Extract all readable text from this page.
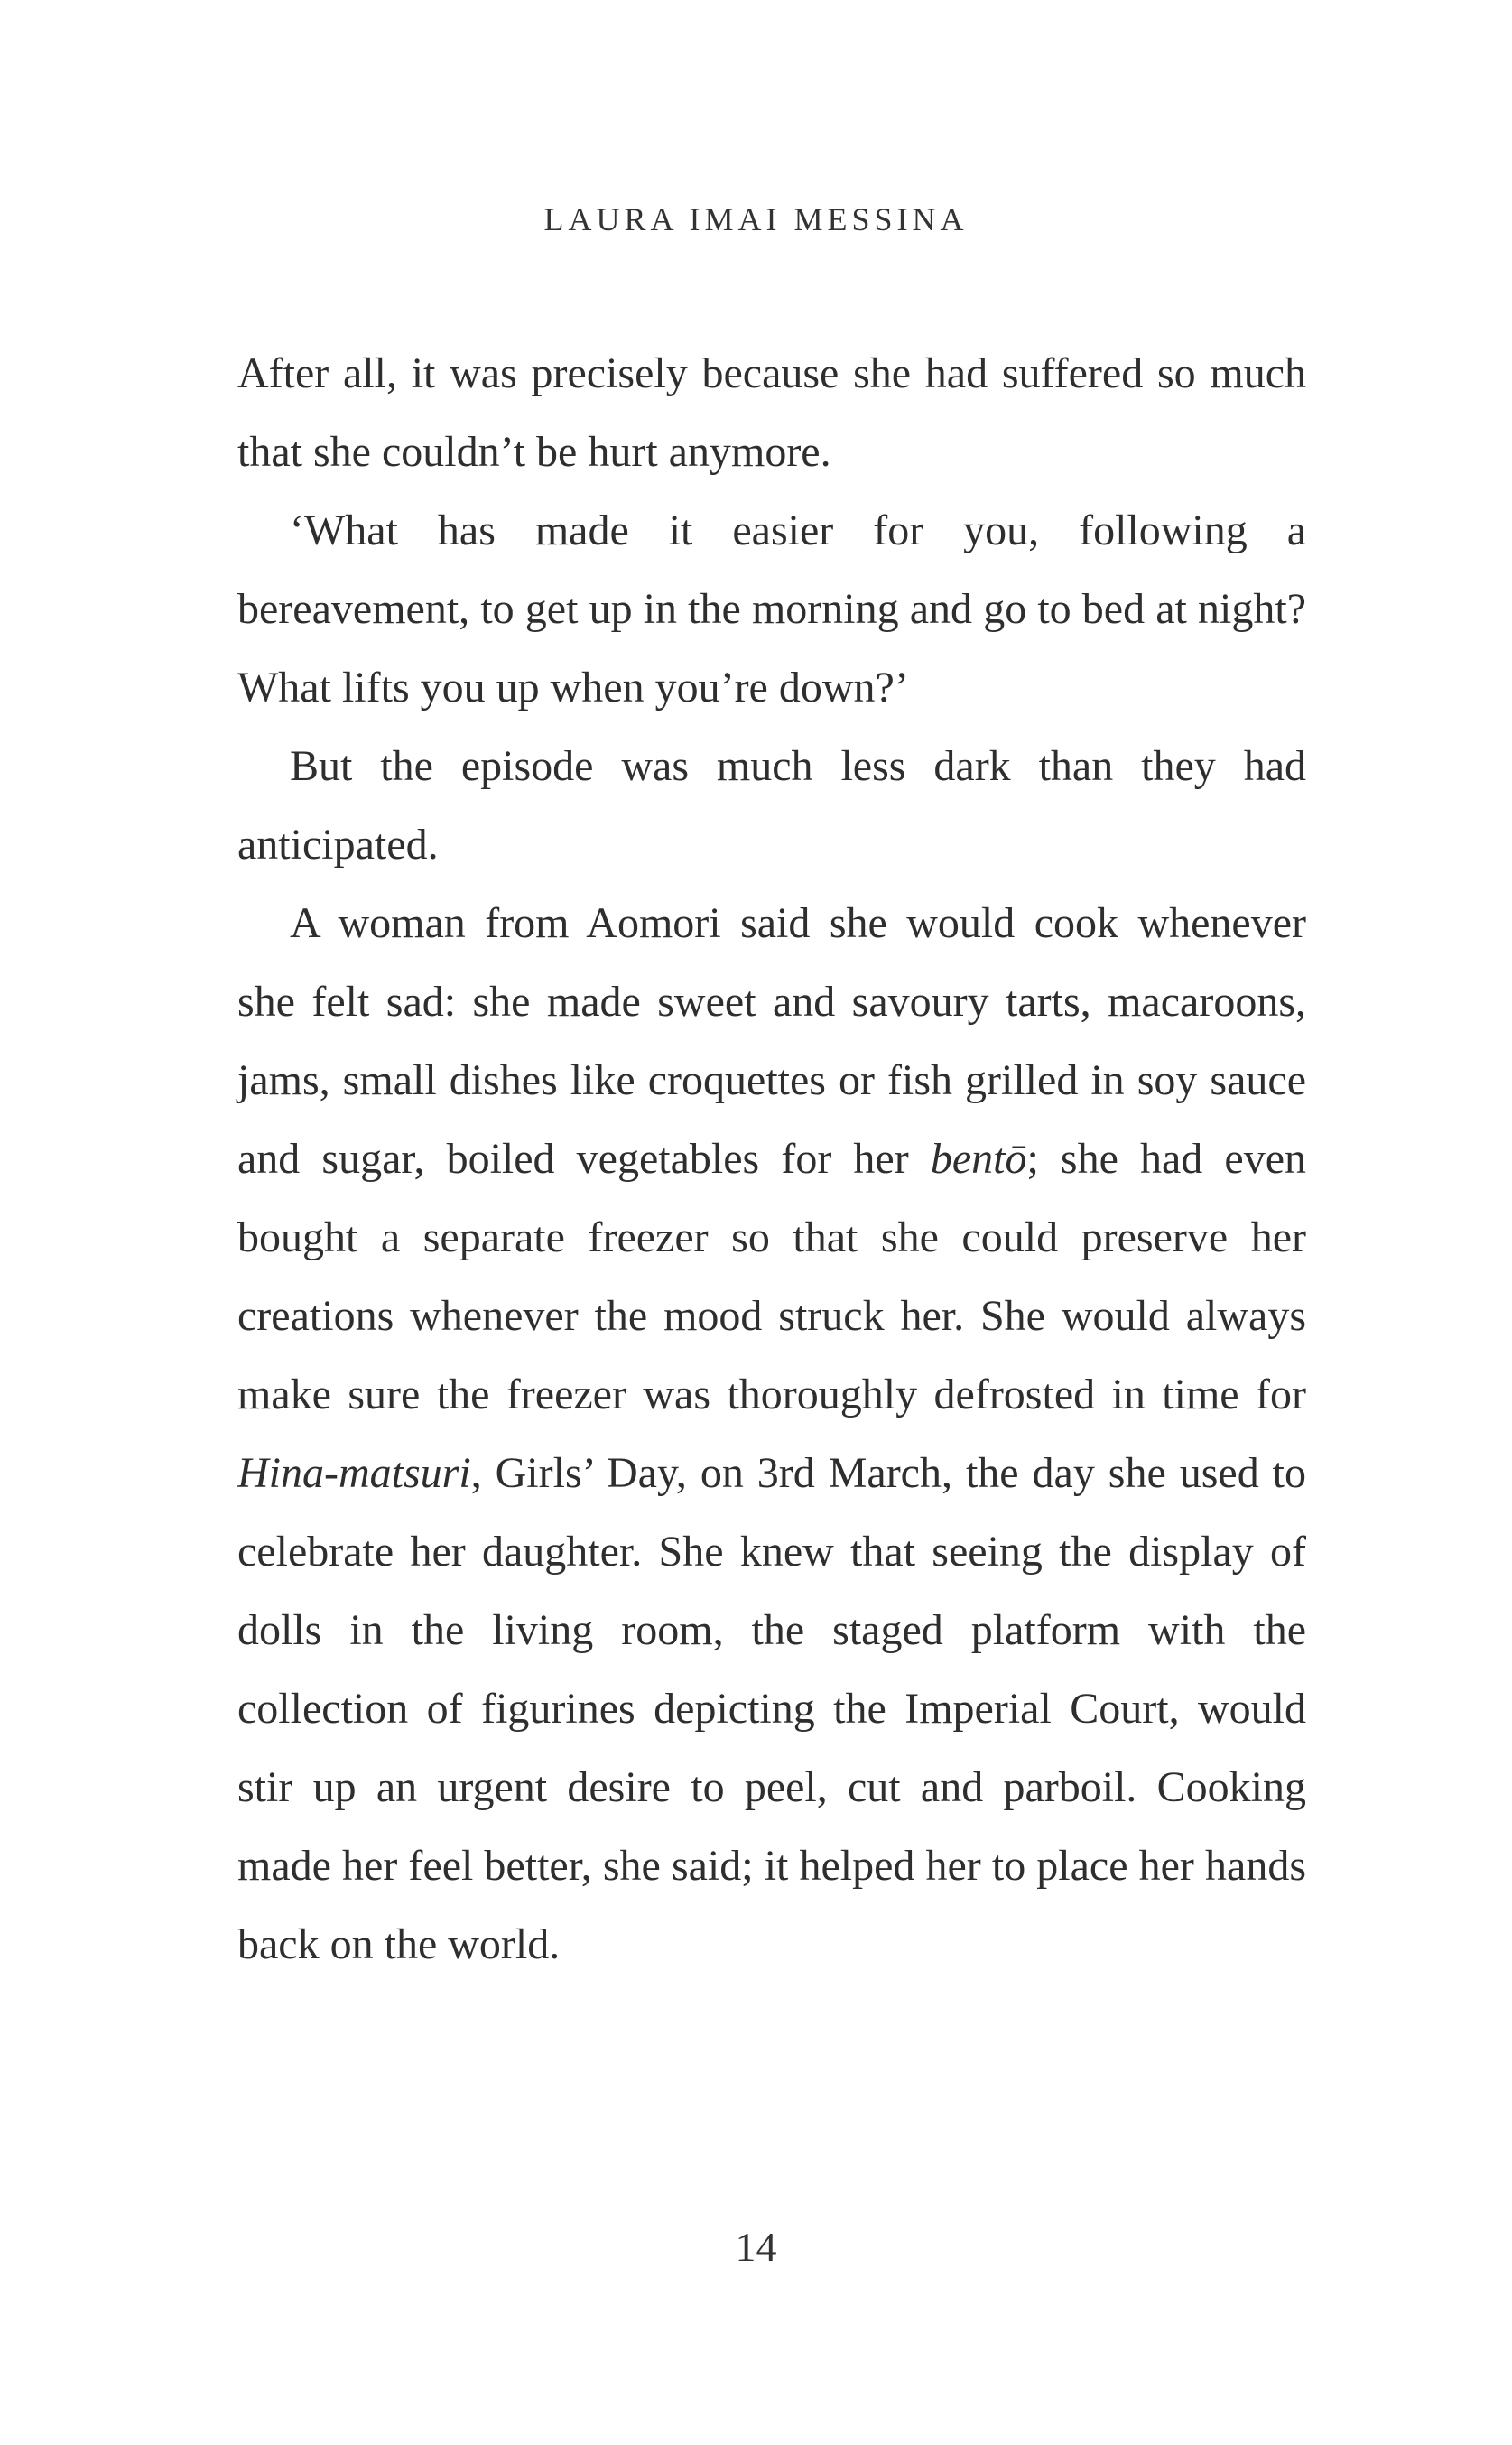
LAURA IMAI MESSINA

After all, it was precisely because she had suffered so much that she couldn’t be hurt anymore.

‘What has made it easier for you, following a bereavement, to get up in the morning and go to bed at night? What lifts you up when you’re down?’

But the episode was much less dark than they had anticipated.

A woman from Aomori said she would cook whenever she felt sad: she made sweet and savoury tarts, macaroons, jams, small dishes like croquettes or fish grilled in soy sauce and sugar, boiled vegetables for her bentō; she had even bought a separate freezer so that she could preserve her creations whenever the mood struck her. She would always make sure the freezer was thoroughly defrosted in time for Hina-matsuri, Girls’ Day, on 3rd March, the day she used to celebrate her daughter. She knew that seeing the display of dolls in the living room, the staged platform with the collection of figurines depicting the Imperial Court, would stir up an urgent desire to peel, cut and parboil. Cooking made her feel better, she said; it helped her to place her hands back on the world.

14
